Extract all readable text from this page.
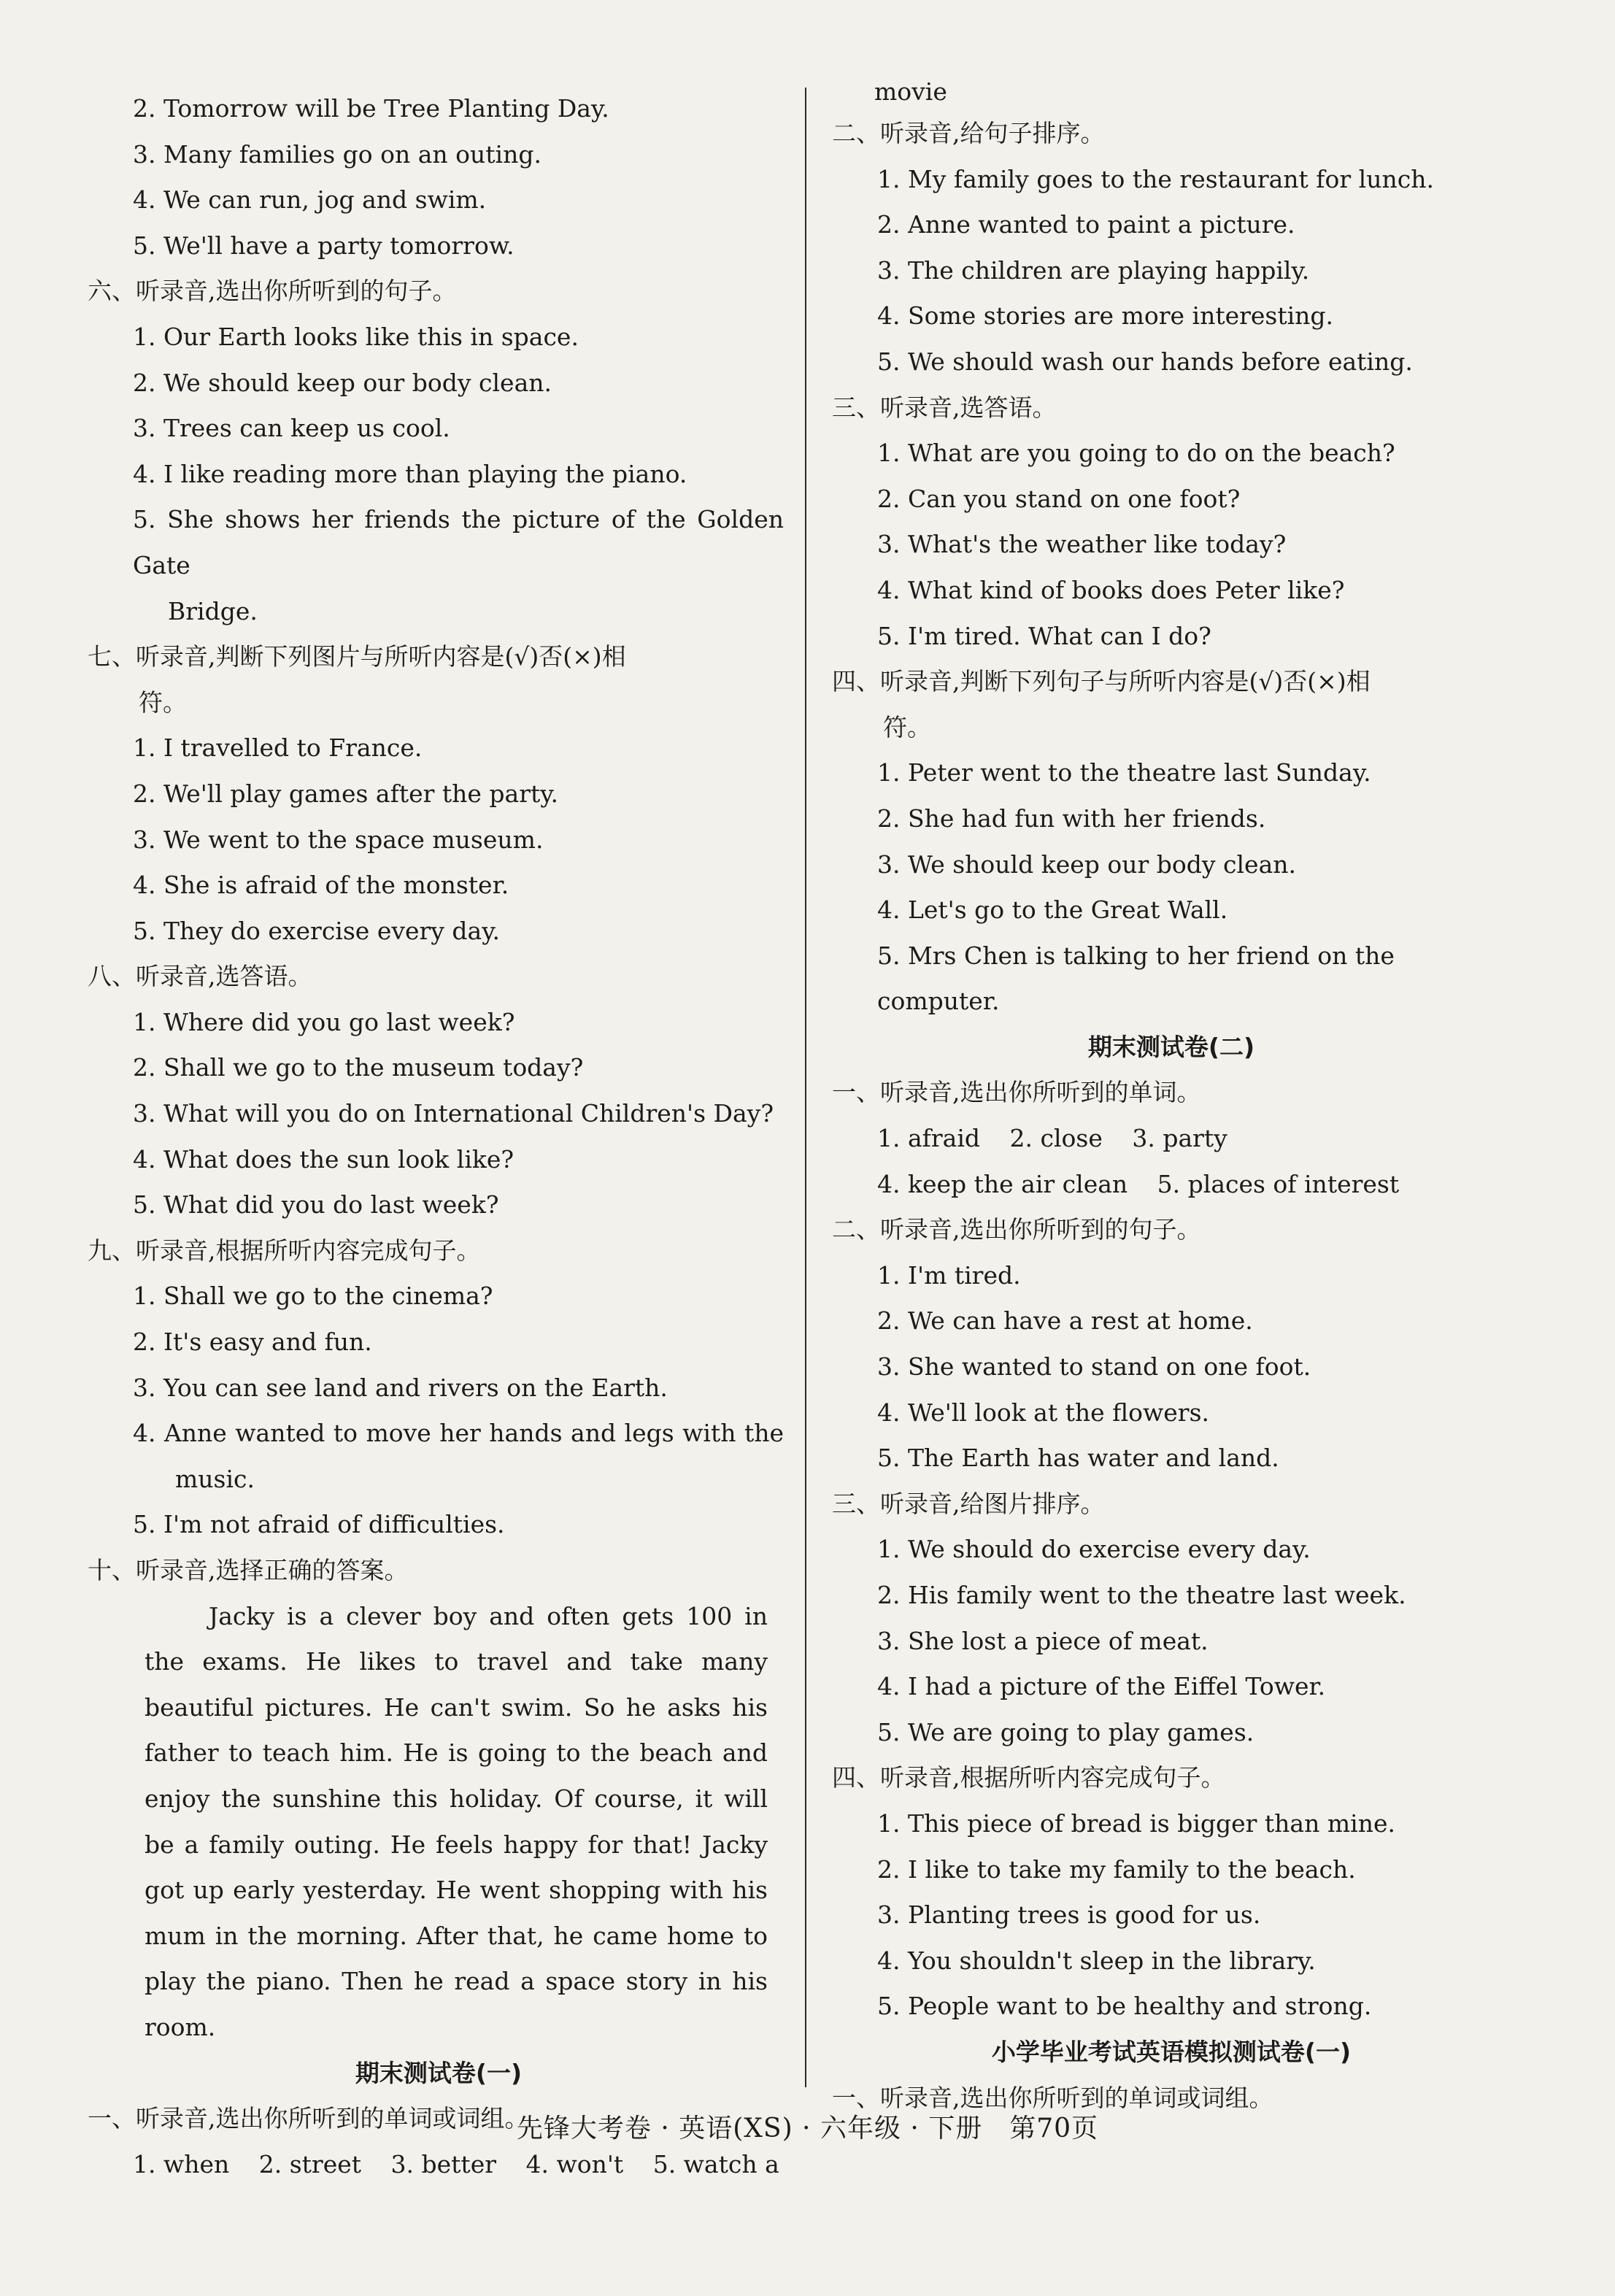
2. Tomorrow will be Tree Planting Day.
3. Many families go on an outing.
4. We can run, jog and swim.
5. We'll have a party tomorrow.
六、听录音,选出你所听到的句子。
1. Our Earth looks like this in space.
2. We should keep our body clean.
3. Trees can keep us cool.
4. I like reading more than playing the piano.
5. She shows her friends the picture of the Golden Gate
Bridge.
七、听录音,判断下列图片与所听内容是(√)否(×)相
符。
1. I travelled to France.
2. We'll play games after the party.
3. We went to the space museum.
4. She is afraid of the monster.
5. They do exercise every day.
八、听录音,选答语。
1. Where did you go last week?
2. Shall we go to the museum today?
3. What will you do on International Children's Day?
4. What does the sun look like?
5. What did you do last week?
九、听录音,根据所听内容完成句子。
1. Shall we go to the cinema?
2. It's easy and fun.
3. You can see land and rivers on the Earth.
4. Anne wanted to move her hands and legs with the
music.
5. I'm not afraid of difficulties.
十、听录音,选择正确的答案。
Jacky is a clever boy and often gets 100 in the exams. He likes to travel and take many beautiful pictures. He can't swim. So he asks his father to teach him. He is going to the beach and enjoy the sunshine this holiday. Of course, it will be a family outing. He feels happy for that! Jacky got up early yesterday. He went shopping with his mum in the morning. After that, he came home to play the piano. Then he read a space story in his room.
期末测试卷(一)
一、听录音,选出你所听到的单词或词组。
1. when 2. street 3. better 4. won't 5. watch a
movie
二、听录音,给句子排序。
1. My family goes to the restaurant for lunch.
2. Anne wanted to paint a picture.
3. The children are playing happily.
4. Some stories are more interesting.
5. We should wash our hands before eating.
三、听录音,选答语。
1. What are you going to do on the beach?
2. Can you stand on one foot?
3. What's the weather like today?
4. What kind of books does Peter like?
5. I'm tired. What can I do?
四、听录音,判断下列句子与所听内容是(√)否(×)相
符。
1. Peter went to the theatre last Sunday.
2. She had fun with her friends.
3. We should keep our body clean.
4. Let's go to the Great Wall.
5. Mrs Chen is talking to her friend on the computer.
期末测试卷(二)
一、听录音,选出你所听到的单词。
1. afraid 2. close 3. party
4. keep the air clean 5. places of interest
二、听录音,选出你所听到的句子。
1. I'm tired.
2. We can have a rest at home.
3. She wanted to stand on one foot.
4. We'll look at the flowers.
5. The Earth has water and land.
三、听录音,给图片排序。
1. We should do exercise every day.
2. His family went to the theatre last week.
3. She lost a piece of meat.
4. I had a picture of the Eiffel Tower.
5. We are going to play games.
四、听录音,根据所听内容完成句子。
1. This piece of bread is bigger than mine.
2. I like to take my family to the beach.
3. Planting trees is good for us.
4. You shouldn't sleep in the library.
5. People want to be healthy and strong.
小学毕业考试英语模拟测试卷(一)
一、听录音,选出你所听到的单词或词组。
先锋大考卷 · 英语(XS) · 六年级 · 下册　第70页
